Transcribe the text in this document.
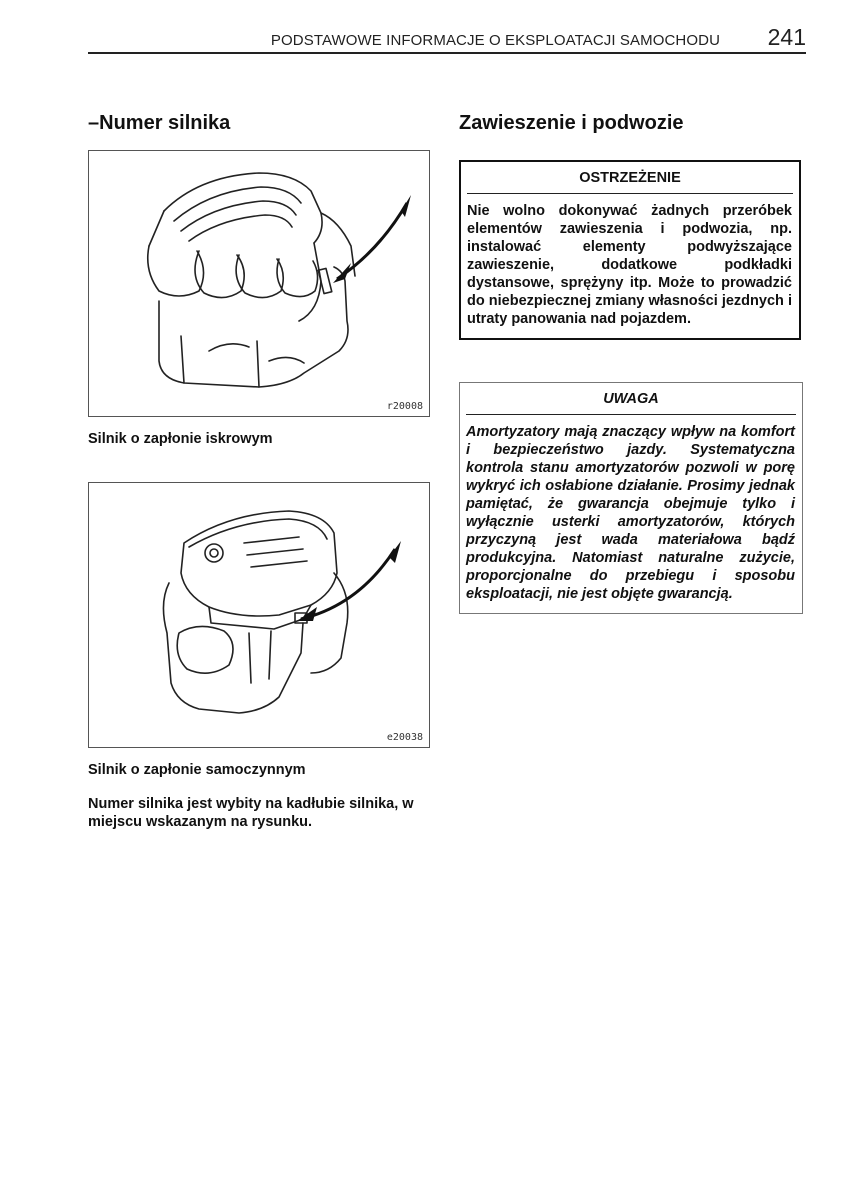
PODSTAWOWE INFORMACJE O EKSPLOATACJI SAMOCHODU 241
–Numer silnika
r20008
Silnik o zapłonie iskrowym
e20038
Silnik o zapłonie samoczynnym
Numer silnika jest wybity na kadłubie silnika, w miejscu wskazanym na rysunku.
Zawieszenie i podwozie
OSTRZEŻENIE
Nie wolno dokonywać żadnych przeróbek elementów zawieszenia i podwozia, np. instalować elementy podwyższające zawieszenie, dodatkowe podkładki dystansowe, sprężyny itp. Może to prowadzić do niebezpiecznej zmiany własności jezdnych i utraty panowania nad pojazdem.
UWAGA
Amortyzatory mają znaczący wpływ na komfort i bezpieczeństwo jazdy. Systematyczna kontrola stanu amortyzatorów pozwoli w porę wykryć ich osłabione działanie. Prosimy jednak pamiętać, że gwarancja obejmuje tylko i wyłącznie usterki amortyzatorów, których przyczyną jest wada materiałowa bądź produkcyjna. Natomiast naturalne zużycie, proporcjonalne do przebiegu i sposobu eksploatacji, nie jest objęte gwarancją.
